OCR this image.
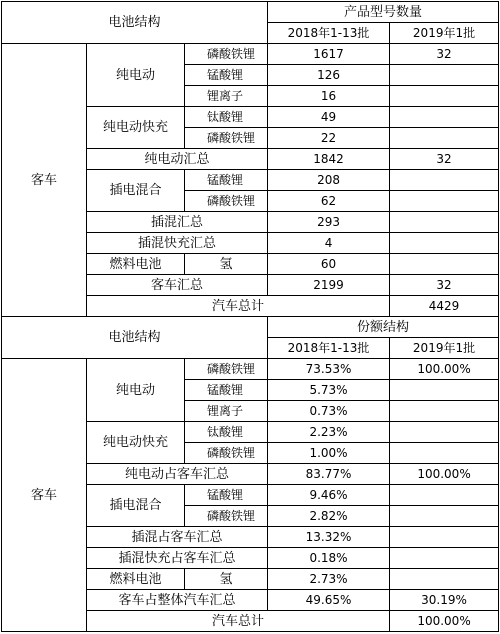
电池结构			产品型号数量		
			2018年1-13批	2019年1批	
客车	纯电动	磷酸铁锂	1617	32	
		锰酸锂	126		
		锂离子	16		
	纯电动快充	钛酸锂	49		
		磷酸铁锂	22		
	纯电动汇总		1842	32	
	插电混合	锰酸锂	208		
		磷酸铁锂	62		
	插混汇总		293		
	插混快充汇总		4		
	燃料电池	氢	60		
	客车汇总		2199	32	
	汽车总计			4429	
电池结构			份额结构		
			2018年1-13批	2019年1批	
客车	纯电动	磷酸铁锂	73.53%	100.00%	
		锰酸锂	5.73%		
		锂离子	0.73%		
	纯电动快充	钛酸锂	2.23%		
		磷酸铁锂	1.00%		
	纯电动占客车汇总		83.77%	100.00%	
	插电混合	锰酸锂	9.46%		
		磷酸铁锂	2.82%		
	插混占客车汇总		13.32%		
	插混快充占客车汇总		0.18%		
	燃料电池	氢	2.73%		
	客车占整体汽车汇总		49.65%	30.19%	
	汽车总计			100.00%	
